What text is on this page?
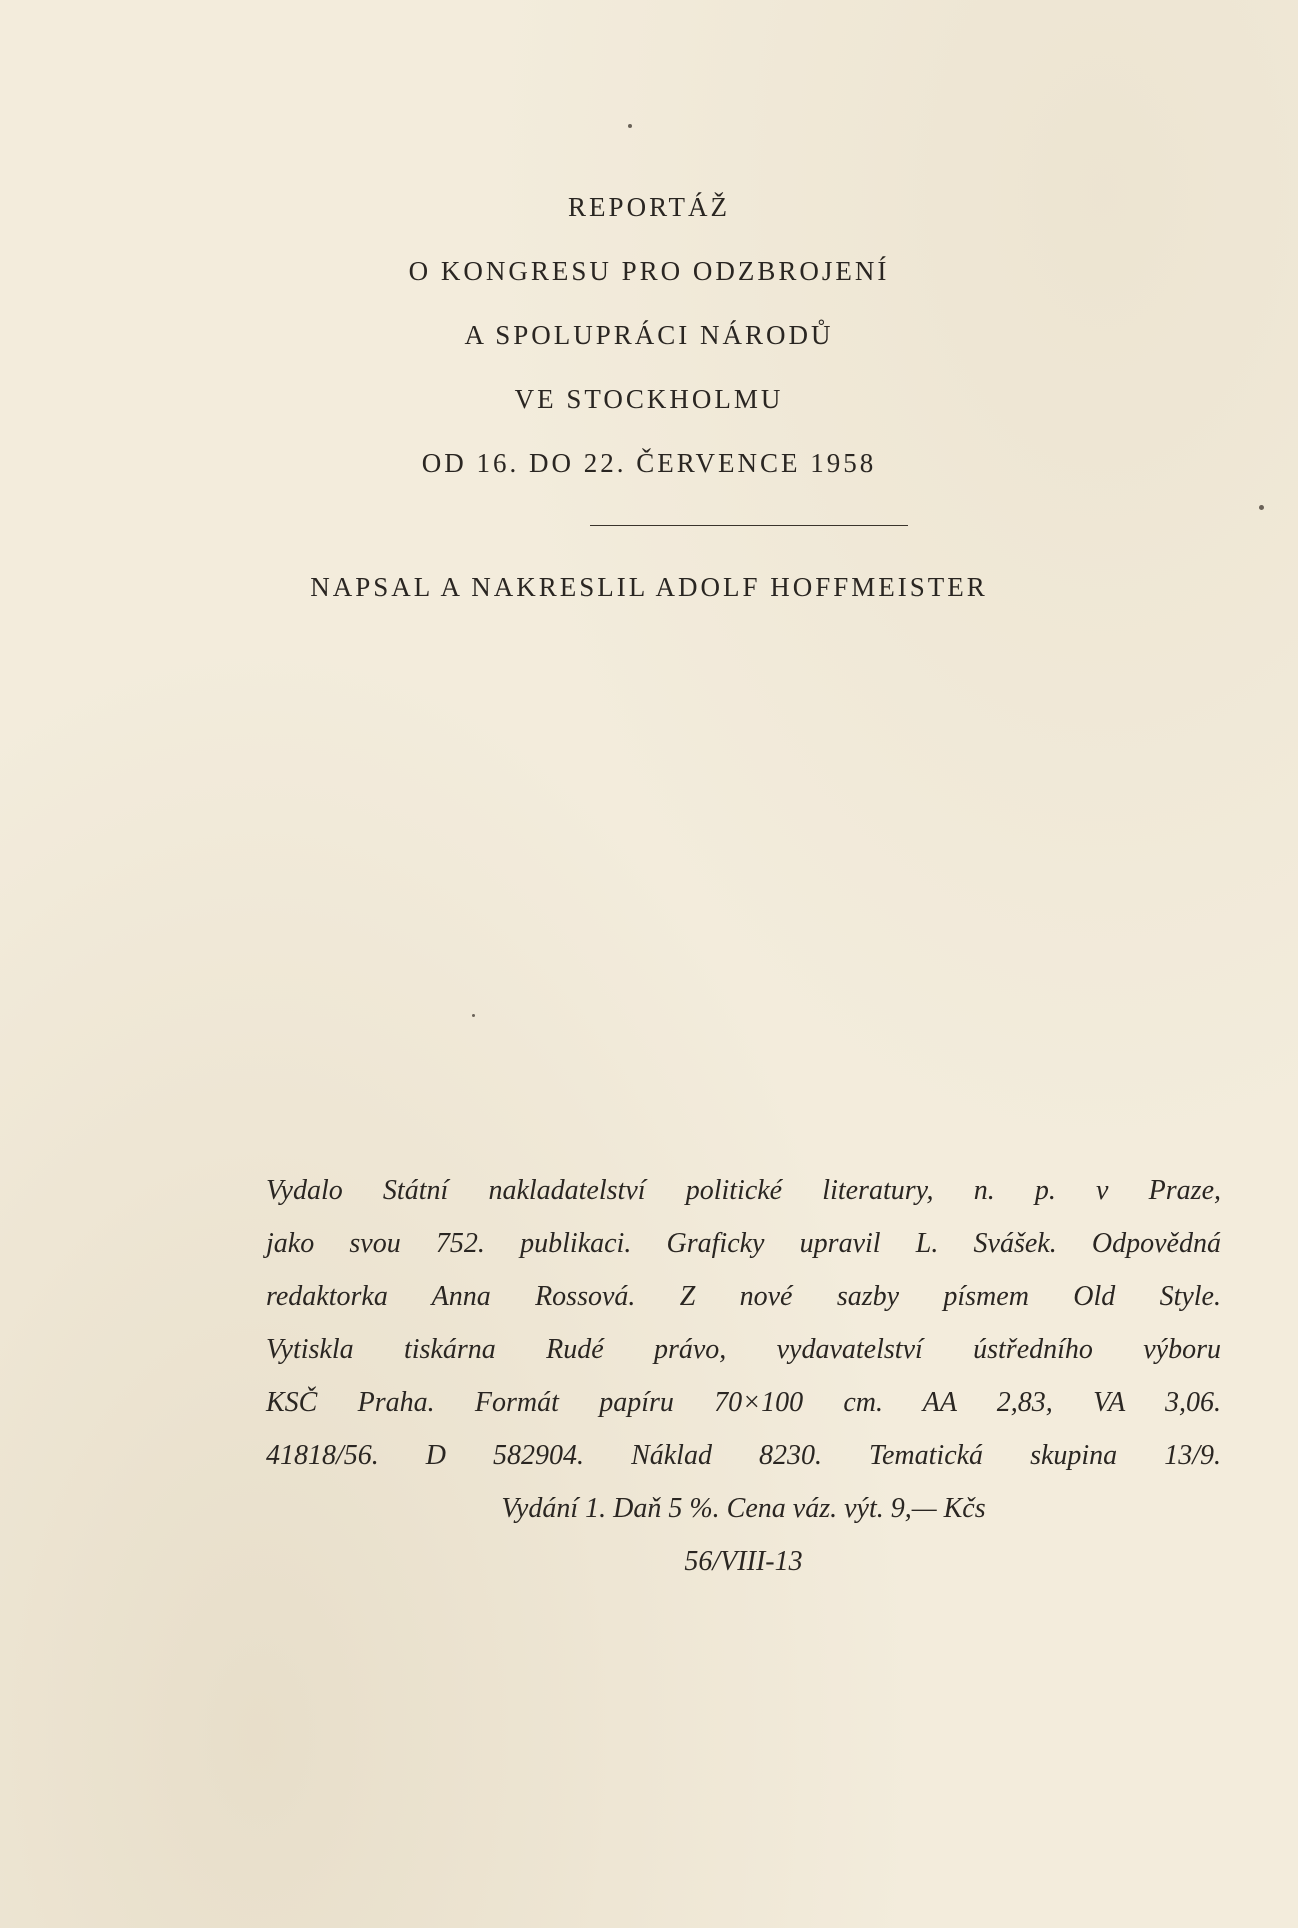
REPORTÁŽ
O KONGRESU PRO ODZBROJENÍ
A SPOLUPRÁCI NÁRODŮ
VE STOCKHOLMU
OD 16. DO 22. ČERVENCE 1958
NAPSAL A NAKRESLIL ADOLF HOFFMEISTER
Vydalo Státní nakladatelství politické literatury, n. p. v Praze,
jako svou 752. publikaci. Graficky upravil L. Svášek. Odpovědná
redaktorka Anna Rossová. Z nové sazby písmem Old Style.
Vytiskla tiskárna Rudé právo, vydavatelství ústředního výboru
KSČ Praha. Formát papíru 70×100 cm. AA 2,83, VA 3,06.
41818/56. D 582904. Náklad 8230. Tematická skupina 13/9.
Vydání 1. Daň 5 %. Cena váz. výt. 9,— Kčs
56/VIII-13
